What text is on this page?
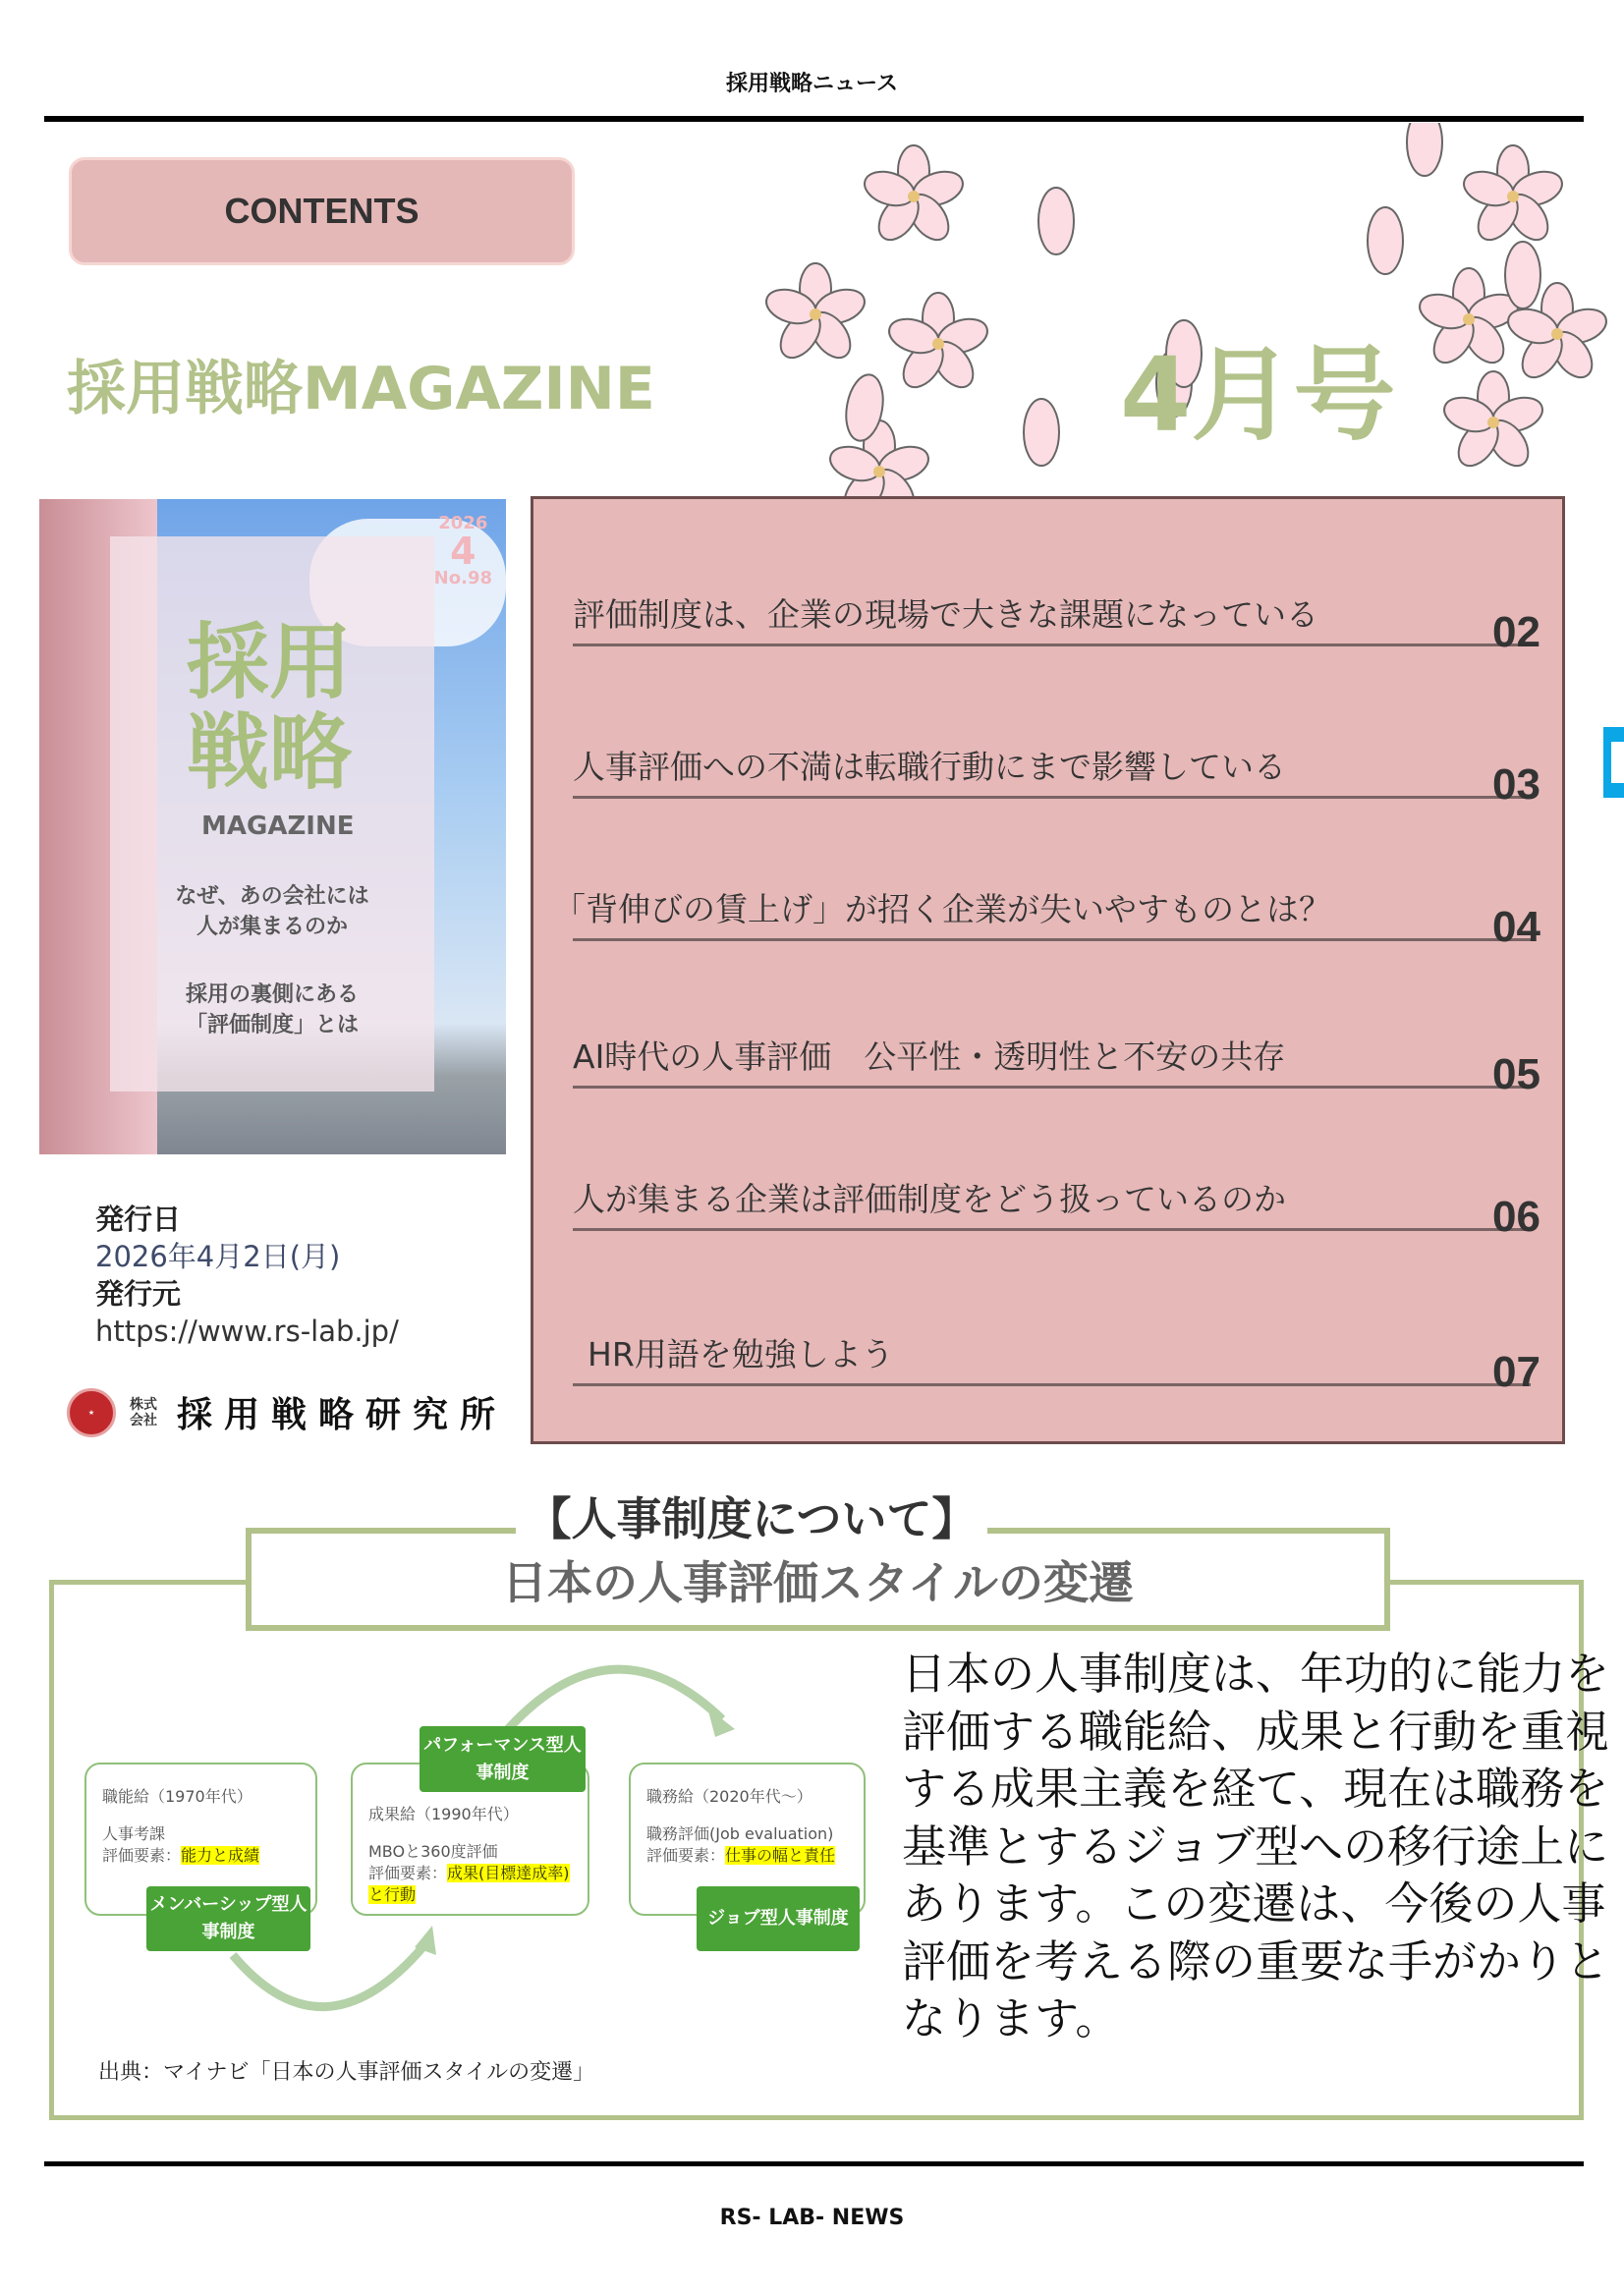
採用戦略ニュース
CONTENTS
採用戦略MAGAZINE	4月号
2026
4
No.98
採用
戦略
MAGAZINE
なぜ、あの会社には
人が集まるのか
採用の裏側にある
「評価制度」とは
評価制度は、企業の現場で大きな課題になっている	02
人事評価への不満は転職行動にまで影響している	03
「背伸びの賃上げ」が招く企業が失いやすものとは？	04
AI時代の人事評価　公平性・透明性と不安の共存	05
人が集まる企業は評価制度をどう扱っているのか	06
HR用語を勉強しよう	07
発行日
2026年4月2日(月)
発行元
https://www.rs-lab.jp/
★	株式会社 採用戦略研究所
【人事制度について】
日本の人事評価スタイルの変遷
職能給（1970年代）
人事考課
評価要素：能力と成績
メンバーシップ型人事制度
成果給（1990年代）
MBOと360度評価
評価要素：成果(目標達成率)と行動
パフォーマンス型人事制度
職務給（2020年代〜）
職務評価(Job evaluation)
評価要素：仕事の幅と責任
ジョブ型人事制度
出典：マイナビ「日本の人事評価スタイルの変遷」
日本の人事制度は、年功的に能力を評価する職能給、成果と行動を重視する成果主義を経て、現在は職務を基準とするジョブ型への移行途上にあります。この変遷は、今後の人事評価を考える際の重要な手がかりとなります。
RS- LAB- NEWS
